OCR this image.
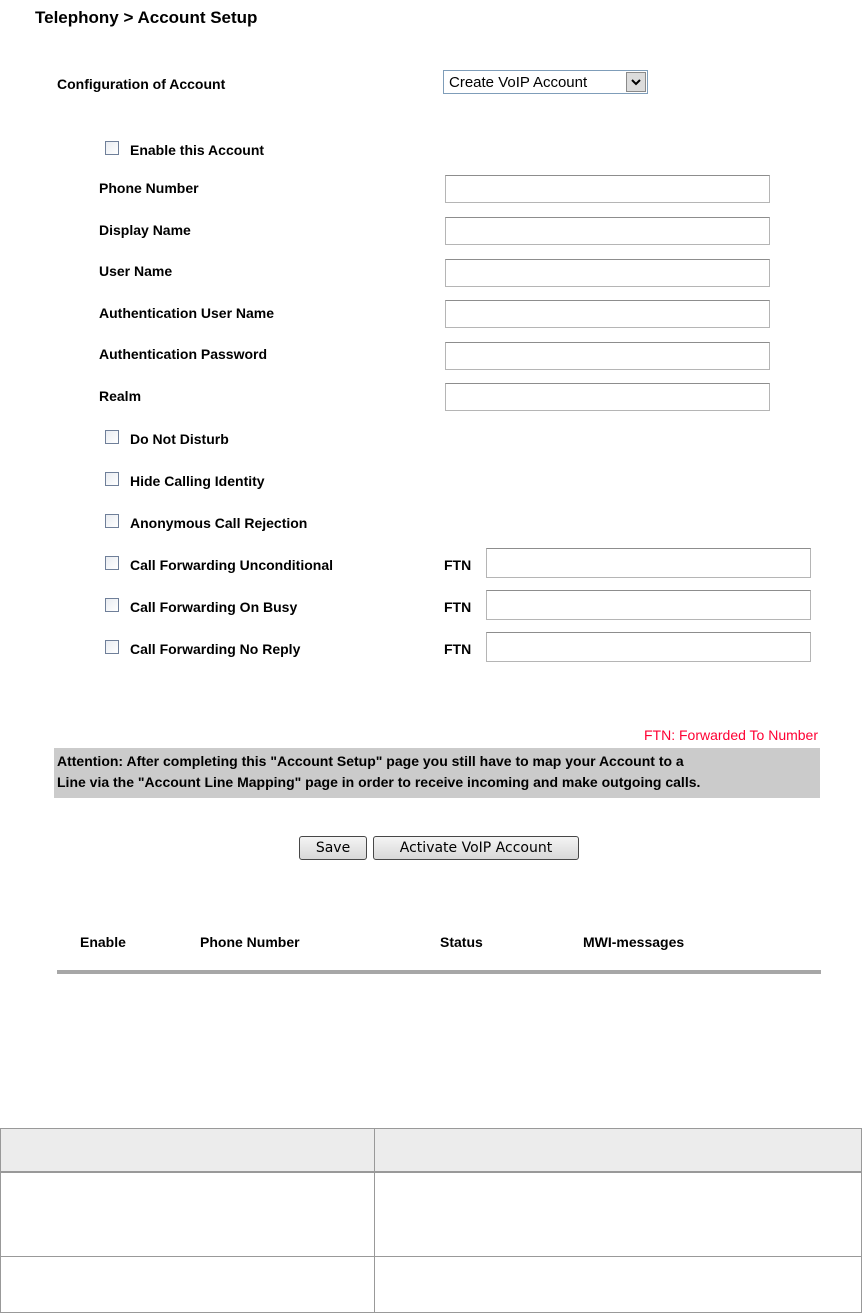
Telephony > Account Setup
Configuration of Account	Create VoIP Account
Enable this Account
Phone Number
Display Name
User Name
Authentication User Name
Authentication Password
Realm
Do Not Disturb
Hide Calling Identity
Anonymous Call Rejection
Call Forwarding Unconditional	FTN
Call Forwarding On Busy	FTN
Call Forwarding No Reply	FTN
FTN: Forwarded To Number
Attention: After completing this "Account Setup" page you still have to map your Account to a
Line via the "Account Line Mapping" page in order to receive incoming and make outgoing calls.
Save	Activate VoIP Account
Enable	Phone Number	Status	MWI-messages
